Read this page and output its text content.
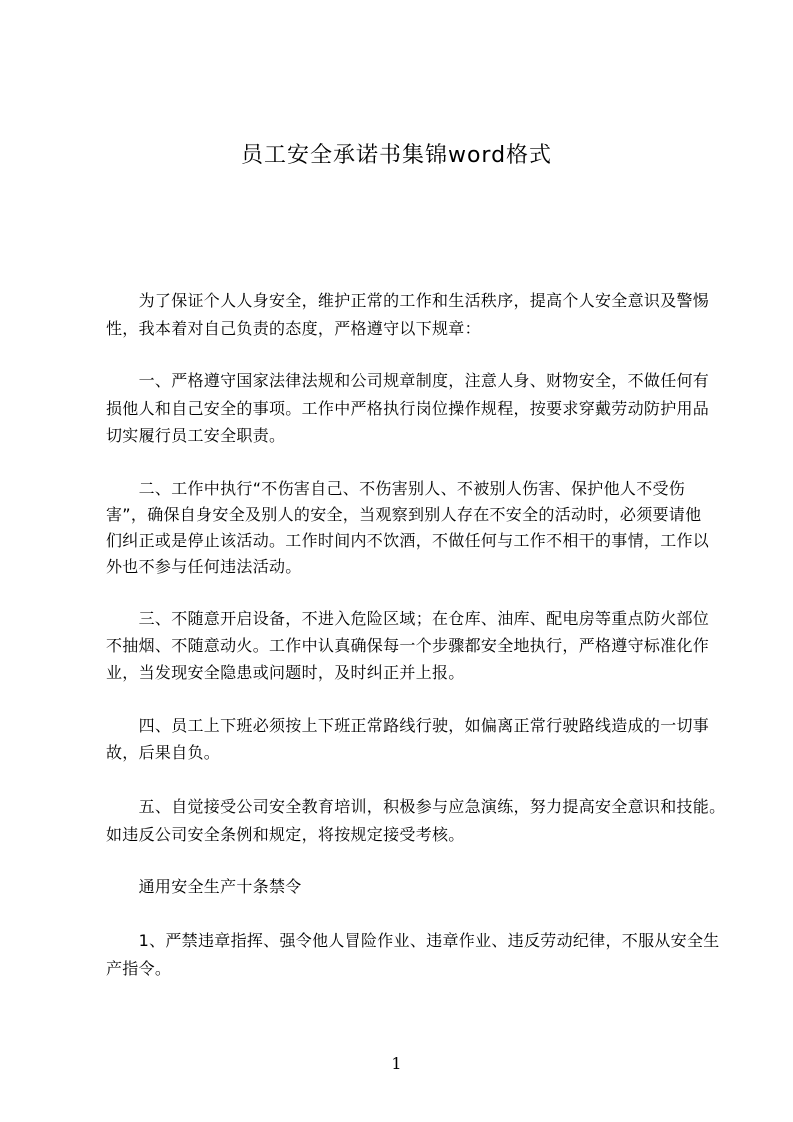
员工安全承诺书集锦word格式
　　为了保证个人人身安全，维护正常的工作和生活秩序，提高个人安全意识及警惕
性，我本着对自己负责的态度，严格遵守以下规章：
　　一、严格遵守国家法律法规和公司规章制度，注意人身、财物安全，不做任何有
损他人和自己安全的事项。工作中严格执行岗位操作规程，按要求穿戴劳动防护用品
切实履行员工安全职责。
　　二、工作中执行“不伤害自己、不伤害别人、不被别人伤害、保护他人不受伤
害”，确保自身安全及别人的安全，当观察到别人存在不安全的活动时，必须要请他
们纠正或是停止该活动。工作时间内不饮酒，不做任何与工作不相干的事情，工作以
外也不参与任何违法活动。
　　三、不随意开启设备，不进入危险区域；在仓库、油库、配电房等重点防火部位
不抽烟、不随意动火。工作中认真确保每一个步骤都安全地执行，严格遵守标准化作
业，当发现安全隐患或问题时，及时纠正并上报。
　　四、员工上下班必须按上下班正常路线行驶，如偏离正常行驶路线造成的一切事
故，后果自负。
　　五、自觉接受公司安全教育培训，积极参与应急演练，努力提高安全意识和技能。
如违反公司安全条例和规定，将按规定接受考核。
　　通用安全生产十条禁令
　　1、严禁违章指挥、强令他人冒险作业、违章作业、违反劳动纪律，不服从安全生
产指令。
1
